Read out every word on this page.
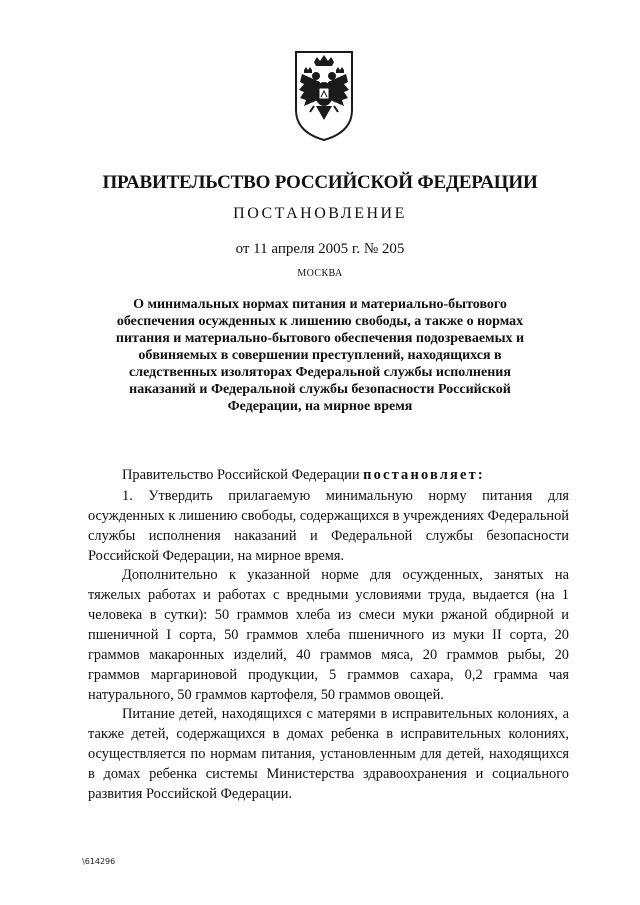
ПРАВИТЕЛЬСТВО РОССИЙСКОЙ ФЕДЕРАЦИИ
ПОСТАНОВЛЕНИЕ
от 11 апреля 2005 г. № 205
МОСКВА
О минимальных нормах питания и материально-бытового обеспечения осужденных к лишению свободы, а также о нормах питания и материально-бытового обеспечения подозреваемых и обвиняемых в совершении преступлений, находящихся в следственных изоляторах Федеральной службы исполнения наказаний и Федеральной службы безопасности Российской Федерации, на мирное время

Правительство Российской Федерации постановляет:

1. Утвердить прилагаемую минимальную норму питания для осужденных к лишению свободы, содержащихся в учреждениях Федеральной службы исполнения наказаний и Федеральной службы безопасности Российской Федерации, на мирное время.

Дополнительно к указанной норме для осужденных, занятых на тяжелых работах и работах с вредными условиями труда, выдается (на 1 человека в сутки): 50 граммов хлеба из смеси муки ржаной обдирной и пшеничной I сорта, 50 граммов хлеба пшеничного из муки II сорта, 20 граммов макаронных изделий, 40 граммов мяса, 20 граммов рыбы, 20 граммов маргариновой продукции, 5 граммов сахара, 0,2 грамма чая натурального, 50 граммов картофеля, 50 граммов овощей.

Питание детей, находящихся с матерями в исправительных колониях, а также детей, содержащихся в домах ребенка в исправительных колониях, осуществляется по нормам питания, установленным для детей, находящихся в домах ребенка системы Министерства здравоохранения и социального развития Российской Федерации.

\614296
